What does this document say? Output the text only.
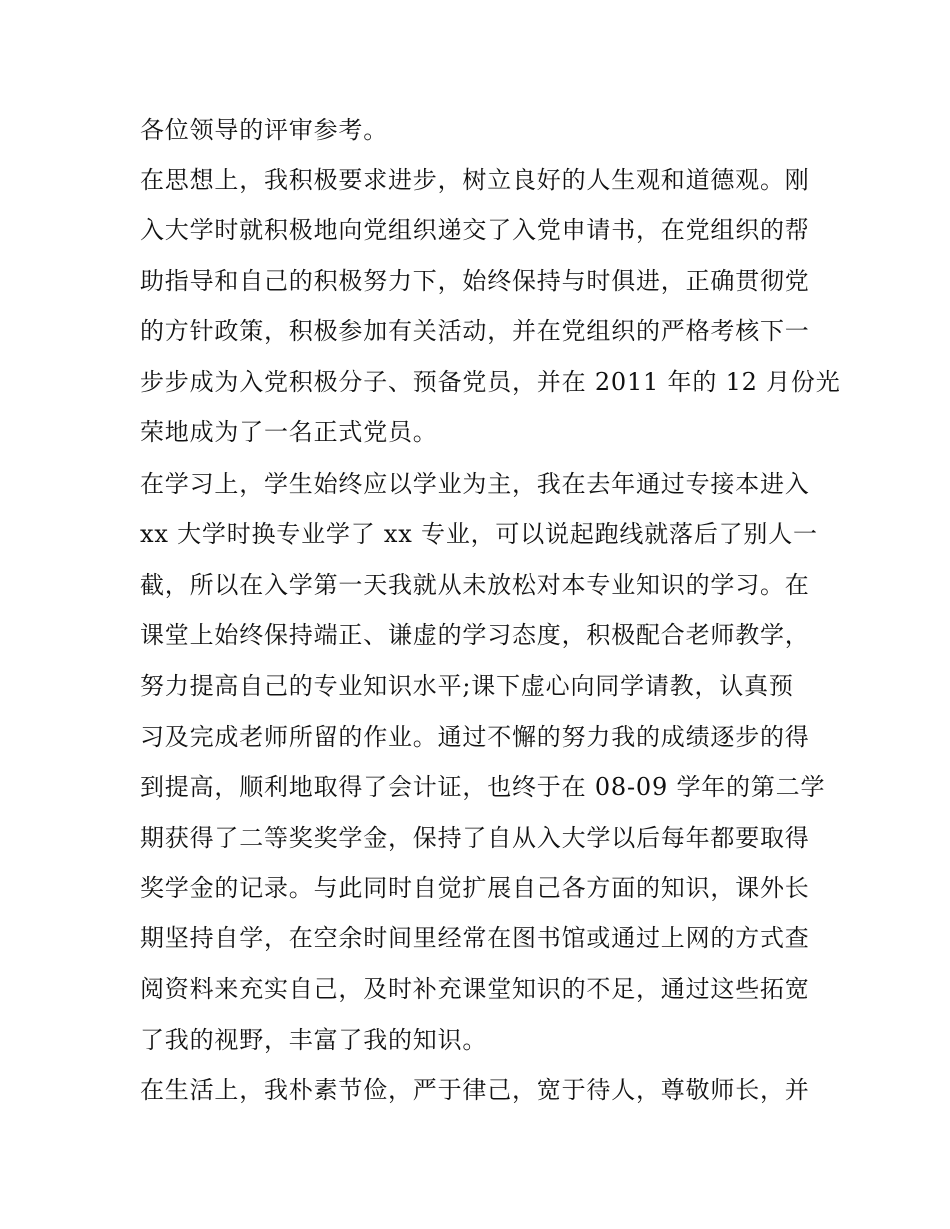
各位领导的评审参考。
在思想上，我积极要求进步，树立良好的人生观和道德观。刚
入大学时就积极地向党组织递交了入党申请书，在党组织的帮
助指导和自己的积极努力下，始终保持与时俱进，正确贯彻党
的方针政策，积极参加有关活动，并在党组织的严格考核下一
步步成为入党积极分子、预备党员，并在 2011 年的 12 月份光
荣地成为了一名正式党员。
在学习上，学生始终应以学业为主，我在去年通过专接本进入
xx 大学时换专业学了 xx 专业，可以说起跑线就落后了别人一
截，所以在入学第一天我就从未放松对本专业知识的学习。在
课堂上始终保持端正、谦虚的学习态度，积极配合老师教学，
努力提高自己的专业知识水平;课下虚心向同学请教，认真预
习及完成老师所留的作业。通过不懈的努力我的成绩逐步的得
到提高，顺利地取得了会计证，也终于在 08-09 学年的第二学
期获得了二等奖奖学金，保持了自从入大学以后每年都要取得
奖学金的记录。与此同时自觉扩展自己各方面的知识，课外长
期坚持自学，在空余时间里经常在图书馆或通过上网的方式查
阅资料来充实自己，及时补充课堂知识的不足，通过这些拓宽
了我的视野，丰富了我的知识。
在生活上，我朴素节俭，严于律己，宽于待人，尊敬师长，并
